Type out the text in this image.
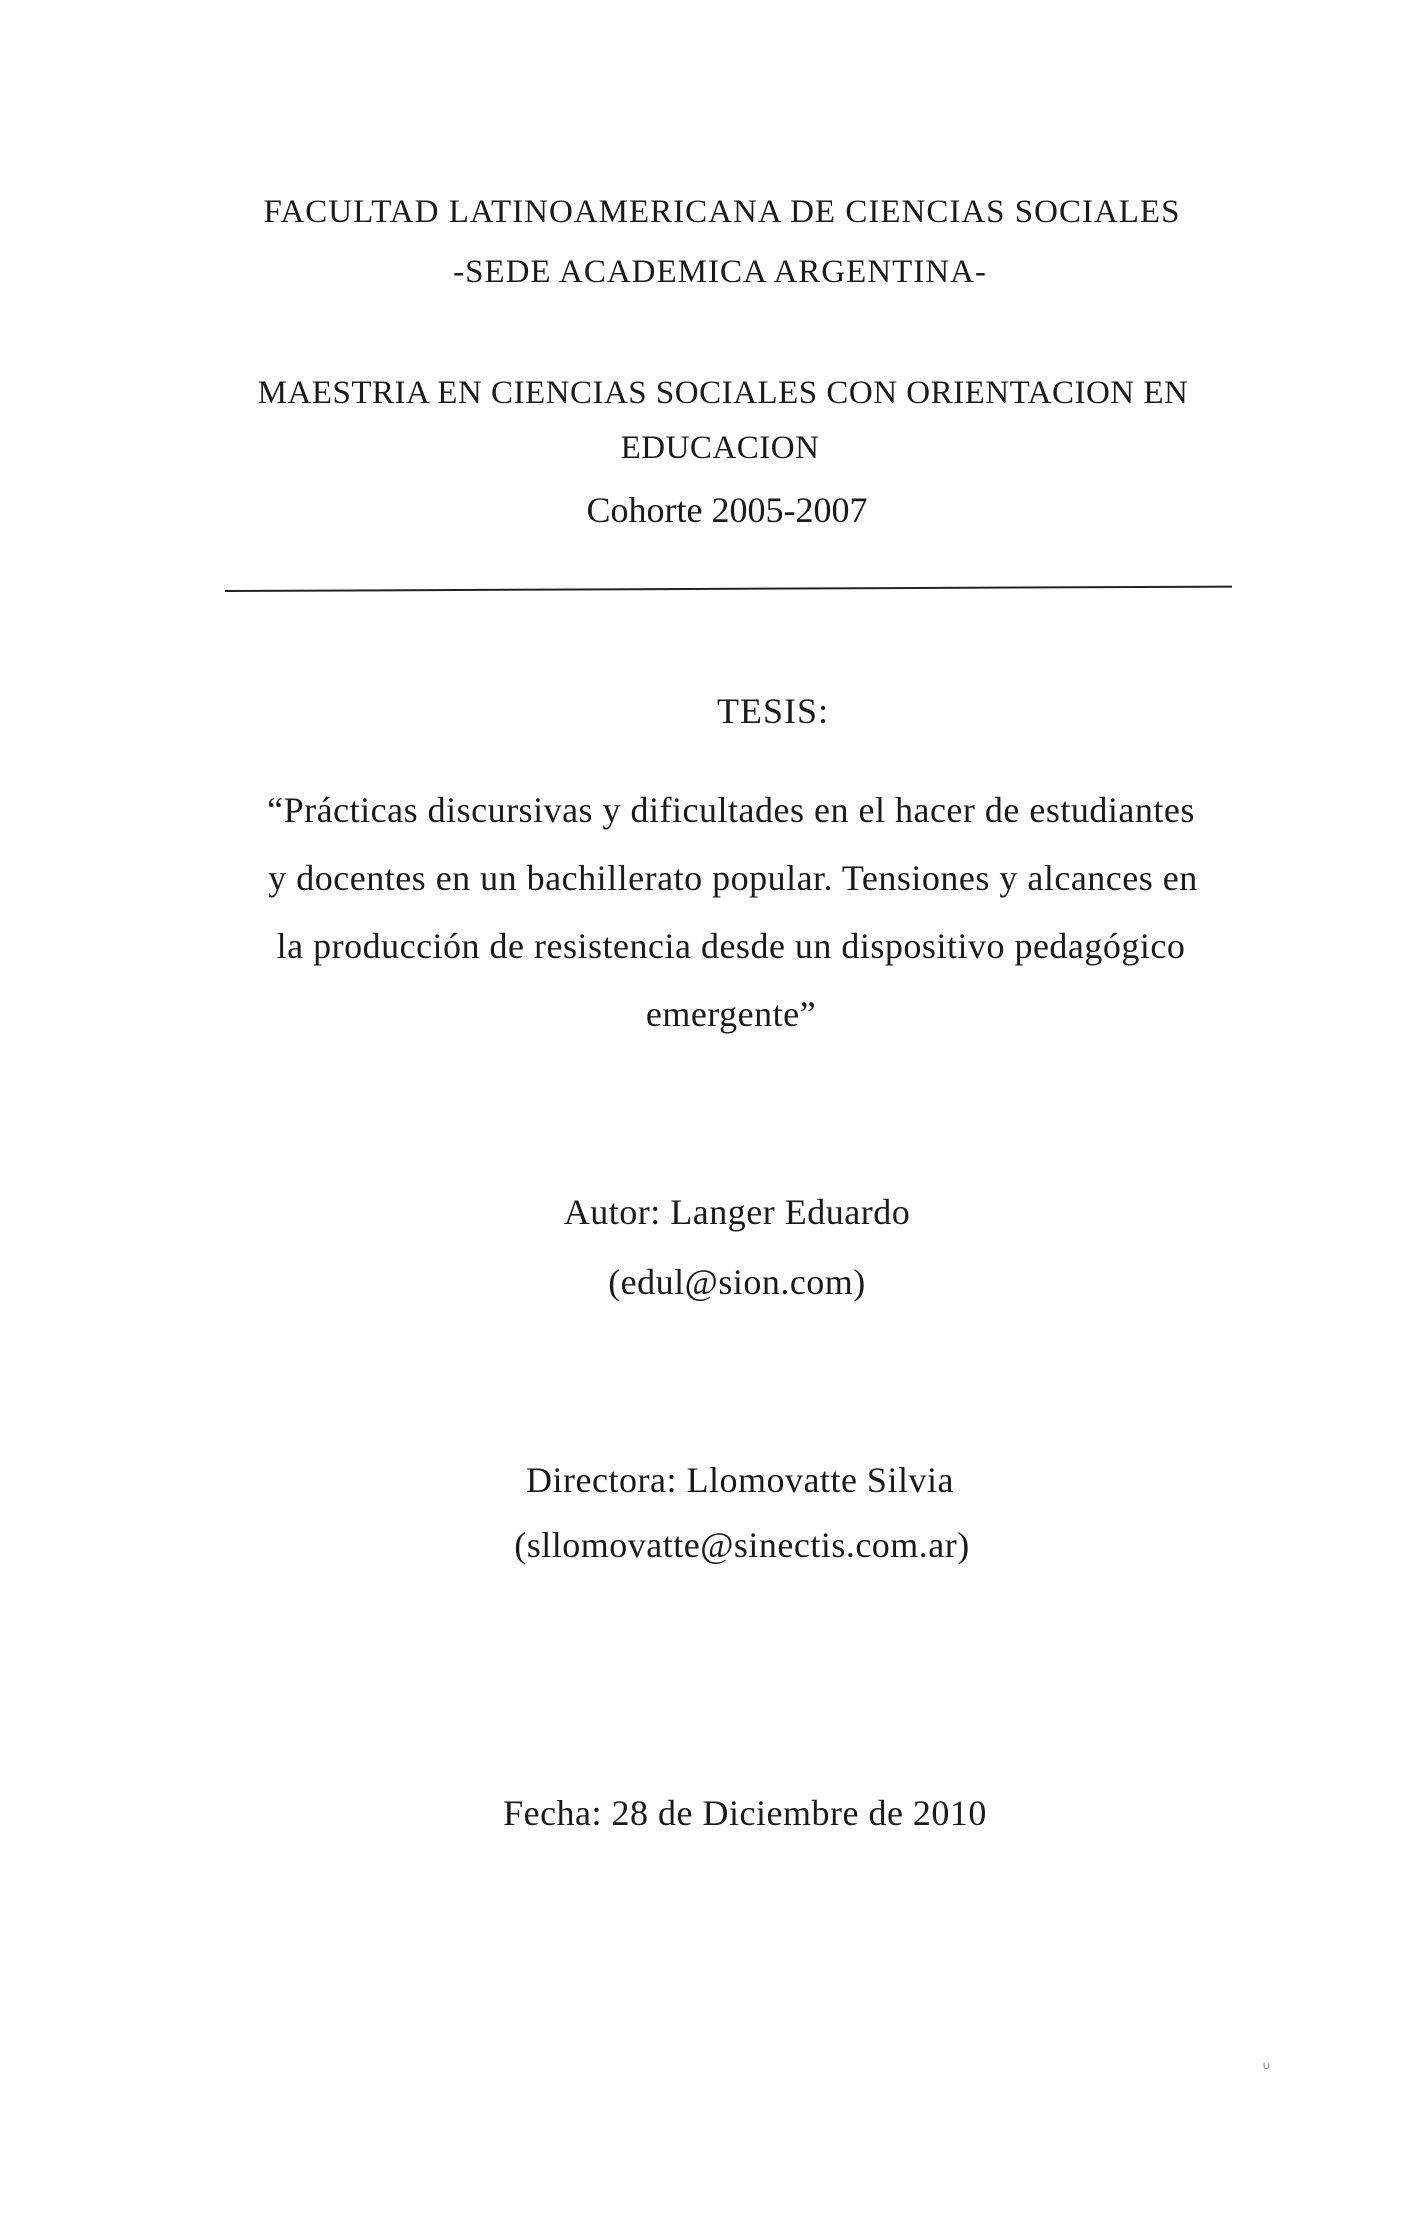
FACULTAD LATINOAMERICANA DE CIENCIAS SOCIALES
-SEDE ACADEMICA ARGENTINA-
MAESTRIA EN CIENCIAS SOCIALES CON ORIENTACION EN
EDUCACION
Cohorte 2005-2007
TESIS:
“Prácticas discursivas y dificultades en el hacer de estudiantes
y docentes en un bachillerato popular. Tensiones y alcances en
la producción de resistencia desde un dispositivo pedagógico
emergente”
Autor: Langer Eduardo
(edul@sion.com)
Directora: Llomovatte Silvia
(sllomovatte@sinectis.com.ar)
Fecha: 28 de Diciembre de 2010
ᐡ
